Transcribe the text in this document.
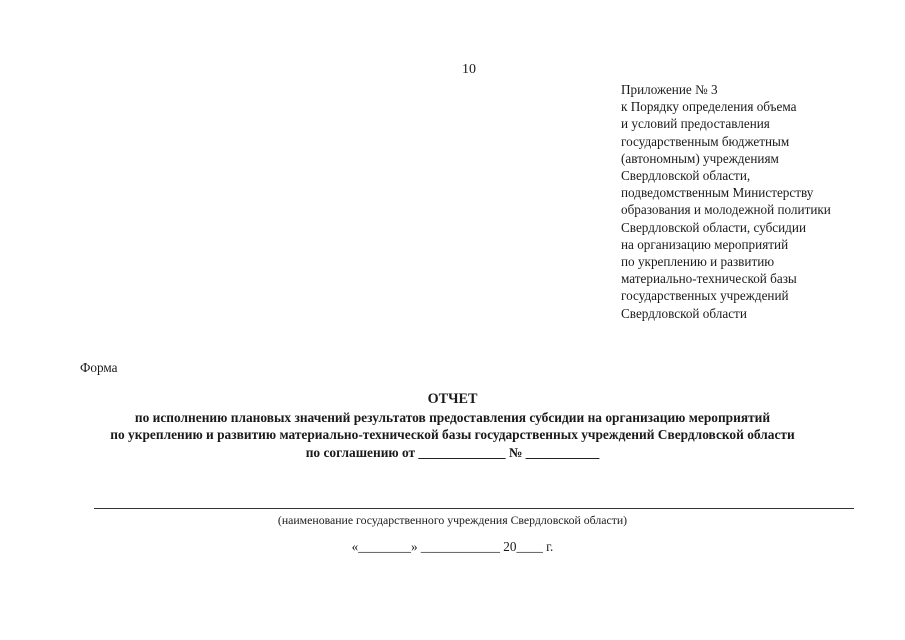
10
Приложение № 3
к Порядку определения объема
и условий предоставления
государственным бюджетным
(автономным) учреждениям
Свердловской области,
подведомственным Министерству
образования и молодежной политики
Свердловской области, субсидии
на организацию мероприятий
по укреплению и развитию
материально-технической базы
государственных учреждений
Свердловской области
Форма
ОТЧЕТ
по исполнению плановых значений результатов предоставления субсидии на организацию мероприятий
по укреплению и развитию материально-технической базы государственных учреждений Свердловской области
по соглашению от _____________ № ___________
(наименование государственного учреждения Свердловской области)
«________» ____________ 20____ г.
